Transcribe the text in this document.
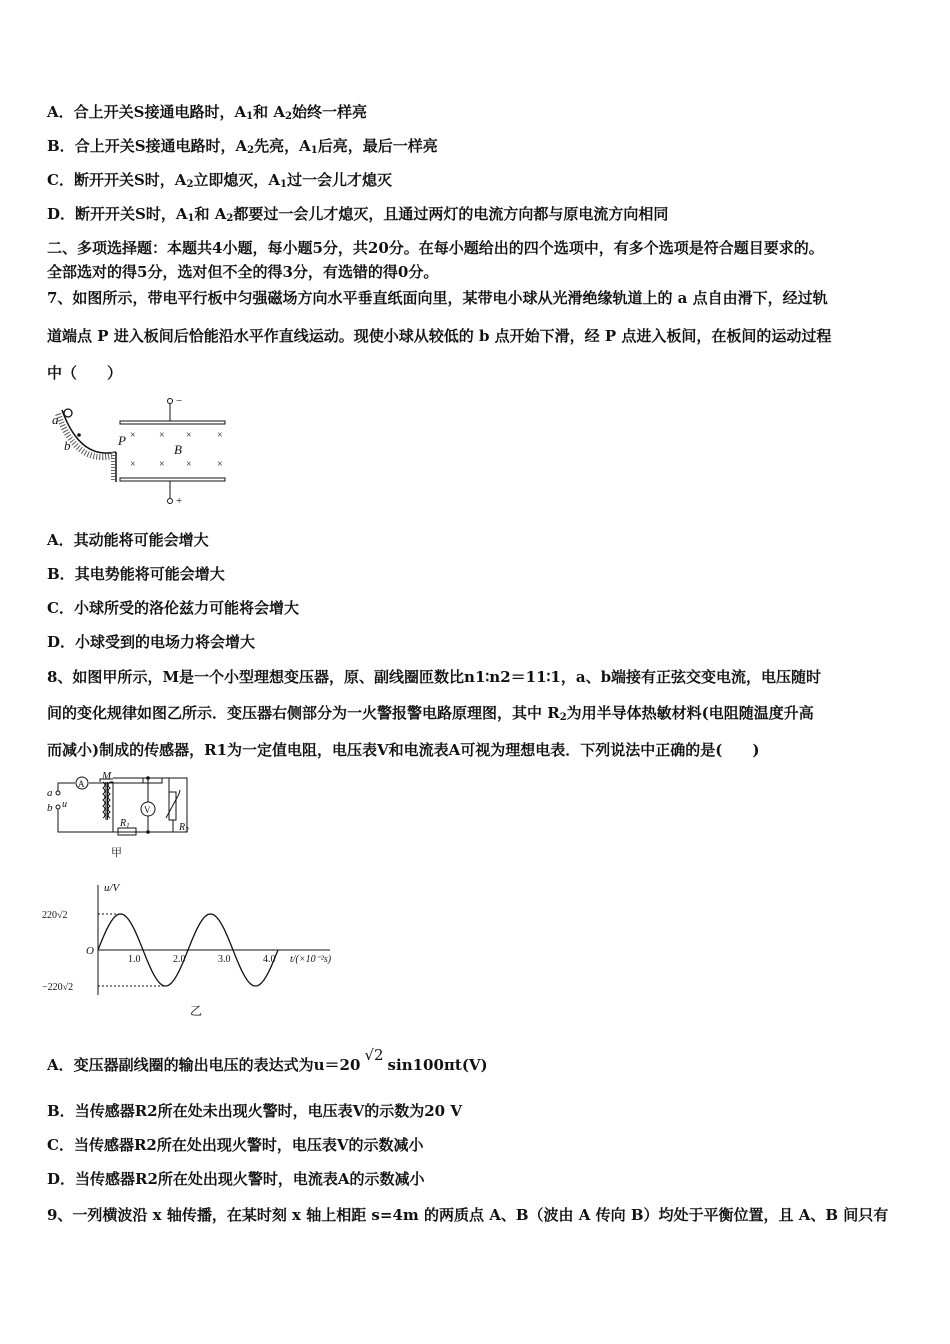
A．合上开关S接通电路时，$A_1$和 $A_2$始终一样亮
B．合上开关S接通电路时，$A_2$先亮，$A_1$后亮，最后一样亮
C．断开开关S时，$A_2$立即熄灭，$A_1$过一会儿才熄灭
D．断开开关S时，$A_1$和 $A_2$都要过一会儿才熄灭，且通过两灯的电流方向都与原电流方向相同
二、多项选择题：本题共4小题，每小题5分，共20分。在每小题给出的四个选项中，有多个选项是符合题目要求的。
全部选对的得5分，选对但不全的得3分，有选错的得0分。
7、如图所示，带电平行板中匀强磁场方向水平垂直纸面向里，某带电小球从光滑绝缘轨道上的 a 点自由滑下，经过轨
道端点 P 进入板间后恰能沿水平作直线运动。现使小球从较低的 b 点开始下滑，经 P 点进入板间，在板间的运动过程
中（　　）
a
b	P
B
−
+
× × ×	×
× × ×	×
A．其动能将可能会增大
B．其电势能将可能会增大
C．小球所受的洛伦兹力可能将会增大
D．小球受到的电场力将会增大
8、如图甲所示，M是一个小型理想变压器，原、副线圈匝数比n1∶n2＝11∶1，a、b端接有正弦交变电流，电压随时
间的变化规律如图乙所示．变压器右侧部分为一火警报警电路原理图，其中 $R_2$为用半导体热敏材料(电阻随温度升高
而减小)制成的传感器，R1为一定值电阻，电压表V和电流表A可视为理想电表．下列说法中正确的是(　　)
A
V
M
a
b u
$R_1$	$R_2$
甲
u/V
t/(×10⁻²s)
O
乙
220√2
−220√2
1.0	2.0	3.0	4.0
A．变压器副线圈的输出电压的表达式为u＝20√2sin100πt(V)
B．当传感器R2所在处未出现火警时，电压表V的示数为20 V
C．当传感器R2所在处出现火警时，电压表V的示数减小
D．当传感器R2所在处出现火警时，电流表A的示数减小
9、一列横波沿 x 轴传播，在某时刻 x 轴上相距 s=4m 的两质点 A、B（波由 A 传向 B）均处于平衡位置，且 A、B 间只有
